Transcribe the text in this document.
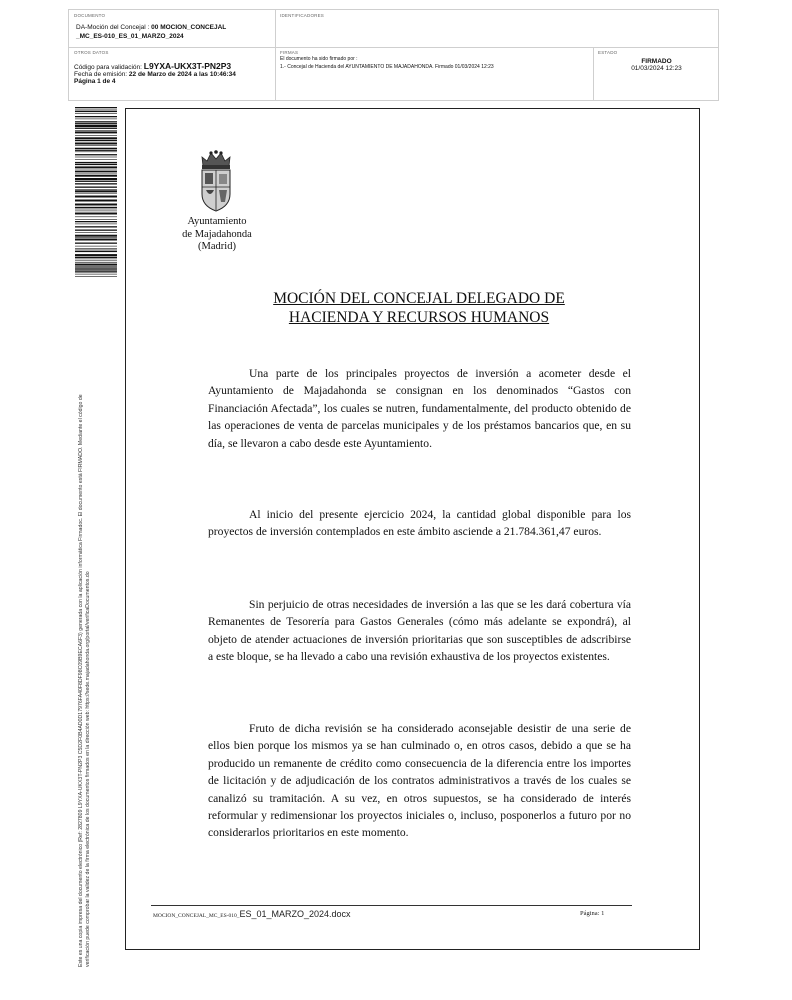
DOCUMENTO
DA-Moción del Concejal : 00 MOCION_CONCEJAL
_MC_ES-010_ES_01_MARZO_2024
IDENTIFICADORES
OTROS DATOS
Código para validación: L9YXA-UKX3T-PN2P3
Fecha de emisión: 22 de Marzo de 2024 a las 10:46:34
Página 1 de 4
FIRMAS
El documento ha sido firmado por :
1.- Concejal de Hacienda del AYUNTAMIENTO DE MAJADAHONDA. Firmado 01/03/2024 12:23
ESTADO
FIRMADO
01/03/2024 12:23
Este es una copia impresa del documento electrónico (Ref: 2827809 L9YXA-UKX3T-PN2P3 C5D2F0B4AD0D17976FA40F8DF98C09B9ECA6F3) generada con la aplicación informática Firmadoc. El documento está FIRMADO. Mediante el código de verificación puede comprobar la validez de la firma electrónica de los documentos firmados en la dirección web: https://sede.majadahonda.org/portal/verificaDocumentos.do
Ayuntamiento
de Majadahonda
(Madrid)
MOCIÓN DEL CONCEJAL DELEGADO DE
HACIENDA Y RECURSOS HUMANOS

Una parte de los principales proyectos de inversión a acometer desde el Ayuntamiento de Majadahonda se consignan en los denominados “Gastos con Financiación Afectada”, los cuales se nutren, fundamentalmente, del producto obtenido de las operaciones de venta de parcelas municipales y de los préstamos bancarios que, en su día, se llevaron a cabo desde este Ayuntamiento.

Al inicio del presente ejercicio 2024, la cantidad global disponible para los proyectos de inversión contemplados en este ámbito asciende a 21.784.361,47 euros.

Sin perjuicio de otras necesidades de inversión a las que se les dará cobertura vía Remanentes de Tesorería para Gastos Generales (cómo más adelante se expondrá), al objeto de atender actuaciones de inversión prioritarias que son susceptibles de adscribirse a este bloque, se ha llevado a cabo una revisión exhaustiva de los proyectos existentes.

Fruto de dicha revisión se ha considerado aconsejable desistir de una serie de ellos bien porque los mismos ya se han culminado o, en otros casos, debido a que se ha producido un remanente de crédito como consecuencia de la diferencia entre los importes de licitación y de adjudicación de los contratos administrativos a través de los cuales se canalizó su tramitación. A su vez, en otros supuestos, se ha considerado de interés reformular y redimensionar los proyectos iniciales o, incluso, posponerlos a futuro por no considerarlos prioritarios en este momento.

MOCION_CONCEJAL_MC_ES-010_ES_01_MARZO_2024.docx	Página: 1
